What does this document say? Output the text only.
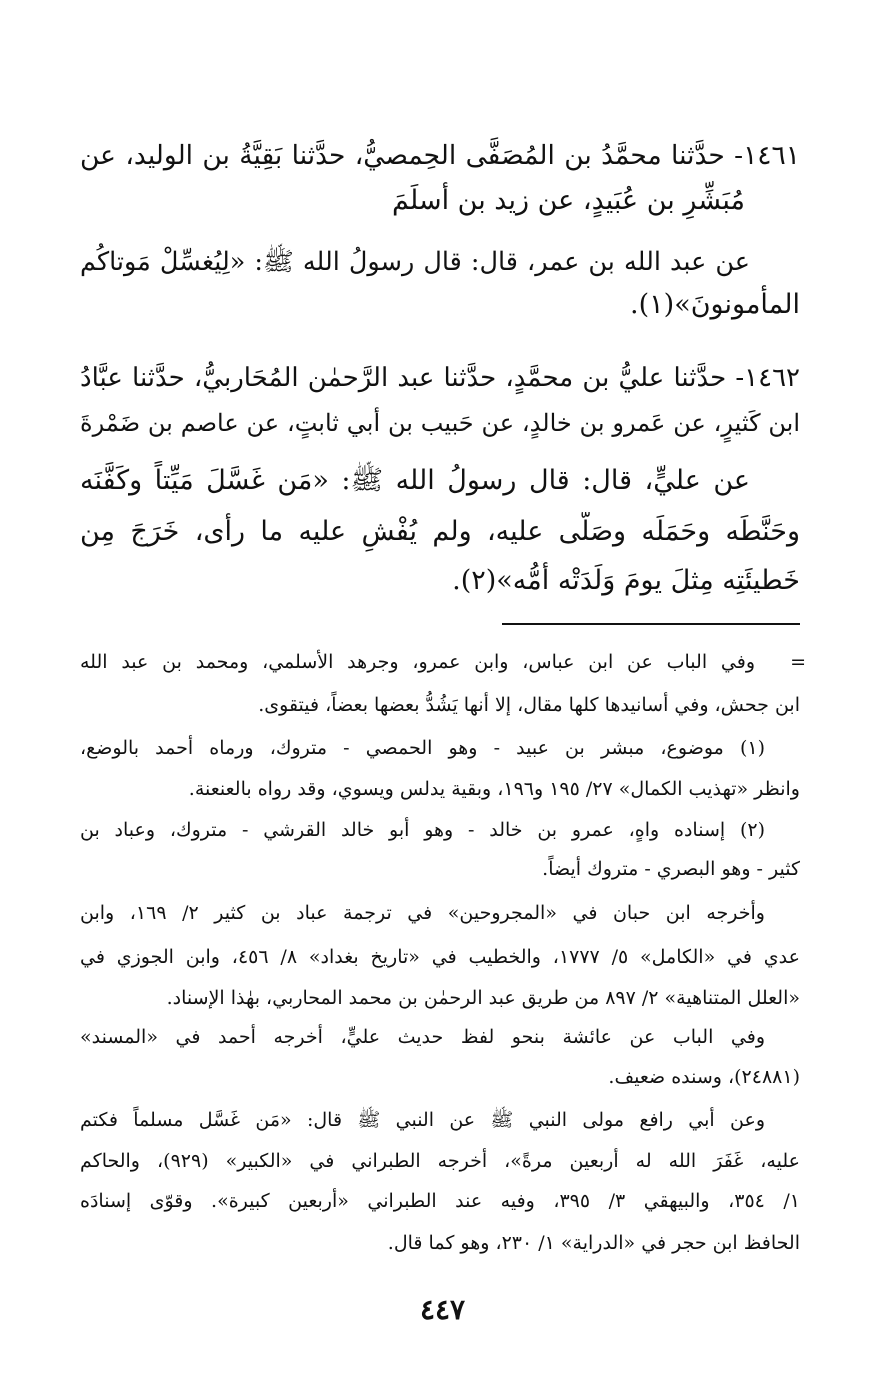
١٤٦١- حدَّثنا محمَّدُ بن المُصَفَّى الحِمصيُّ، حدَّثنا بَقِيَّةُ بن الوليد، عن
مُبَشِّرِ بن عُبَيدٍ، عن زيد بن أسلَمَ
عن عبد الله بن عمر، قال: قال رسولُ الله ﷺ: «لِيُغسِّلْ مَوتاكُم
المأمونونَ»(١).
١٤٦٢- حدَّثنا عليُّ بن محمَّدٍ، حدَّثنا عبد الرَّحمٰن المُحَاربيُّ، حدَّثنا عبَّادُ
ابن كَثيرٍ، عن عَمرو بن خالدٍ، عن حَبيب بن أبي ثابتٍ، عن عاصم بن ضَمْرةَ
عن عليٍّ، قال: قال رسولُ الله ﷺ: «مَن غَسَّلَ مَيِّتاً وكَفَّنَه
وحَنَّطَه وحَمَلَه وصَلَّى عليه، ولم يُفْشِ عليه ما رأى، خَرَجَ مِن
خَطيئَتِه مِثلَ يومَ وَلَدَتْه أُمُّه»(٢).
=
وفي الباب عن ابن عباس، وابن عمرو، وجرهد الأسلمي، ومحمد بن عبد الله
ابن جحش، وفي أسانيدها كلها مقال، إلا أنها يَشُدُّ بعضها بعضاً، فيتقوى.
(١) موضوع، مبشر بن عبيد - وهو الحمصي - متروك، ورماه أحمد بالوضع،
وانظر «تهذيب الكمال» ٢٧/ ١٩٥ و١٩٦، وبقية يدلس ويسوي، وقد رواه بالعنعنة.
(٢) إسناده واهٍ، عمرو بن خالد - وهو أبو خالد القرشي - متروك، وعباد بن
كثير - وهو البصري - متروك أيضاً.
وأخرجه ابن حبان في «المجروحين» في ترجمة عباد بن كثير ٢/ ١٦٩، وابن
عدي في «الكامل» ٥/ ١٧٧٧، والخطيب في «تاريخ بغداد» ٨/ ٤٥٦، وابن الجوزي في
«العلل المتناهية» ٢/ ٨٩٧ من طريق عبد الرحمٰن بن محمد المحاربي، بهٰذا الإسناد.
وفي الباب عن عائشة بنحو لفظ حديث عليٍّ، أخرجه أحمد في «المسند»
(٢٤٨٨١)، وسنده ضعيف.
وعن أبي رافع مولى النبي ﷺ عن النبي ﷺ قال: «مَن غَسَّل مسلماً فكتم
عليه، غَفَرَ الله له أربعين مرةً»، أخرجه الطبراني في «الكبير» (٩٢٩)، والحاكم
١/ ٣٥٤، والبيهقي ٣/ ٣٩٥، وفيه عند الطبراني «أربعين كبيرة». وقوّى إسنادَه
الحافظ ابن حجر في «الدراية» ١/ ٢٣٠، وهو كما قال.
٤٤٧
